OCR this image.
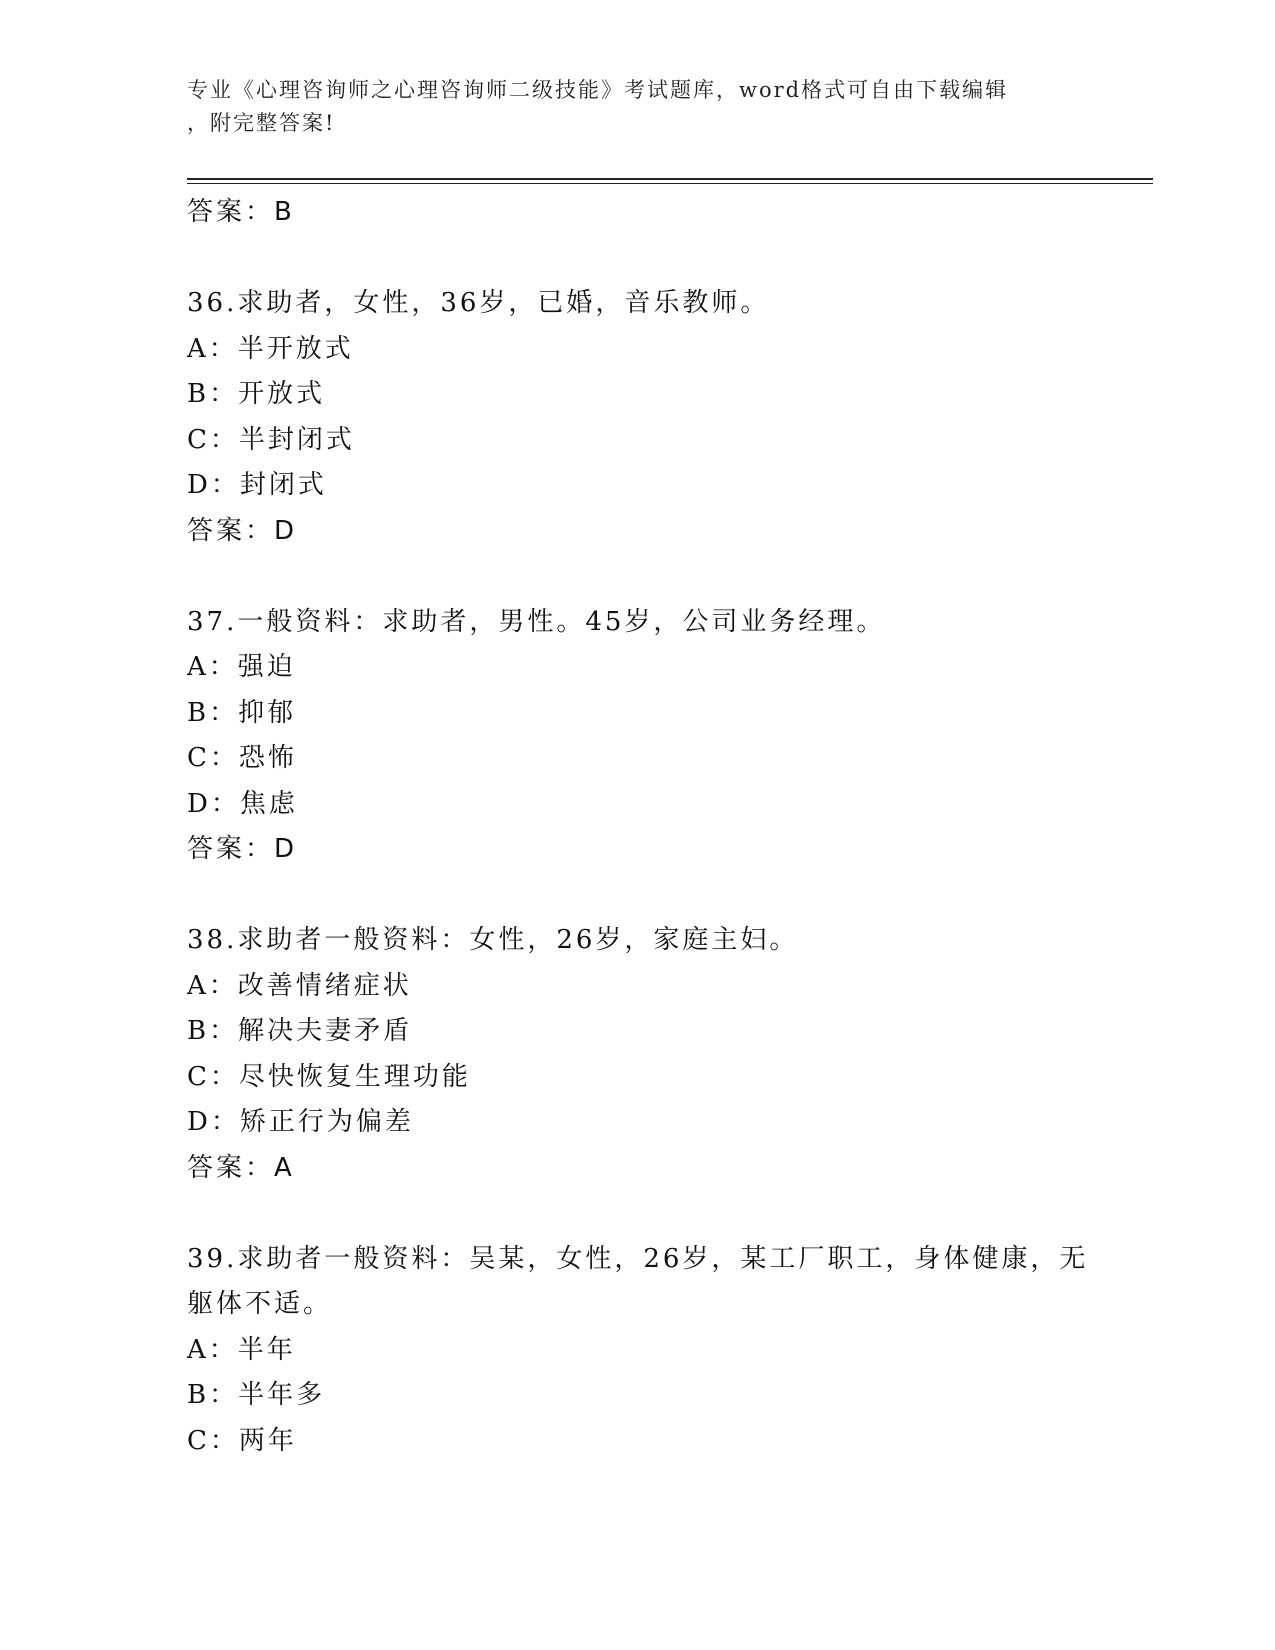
专业《心理咨询师之心理咨询师二级技能》考试题库，word格式可自由下载编辑
，附完整答案!
答案：B
36.求助者，女性，36岁，已婚，音乐教师。
A：半开放式
B：开放式
C：半封闭式
D：封闭式
答案：D
37.一般资料：求助者，男性。45岁，公司业务经理。
A：强迫
B：抑郁
C：恐怖
D：焦虑
答案：D
38.求助者一般资料：女性，26岁，家庭主妇。
A：改善情绪症状
B：解决夫妻矛盾
C：尽快恢复生理功能
D：矫正行为偏差
答案：A
39.求助者一般资料：吴某，女性，26岁，某工厂职工，身体健康，无
躯体不适。
A：半年
B：半年多
C：两年
